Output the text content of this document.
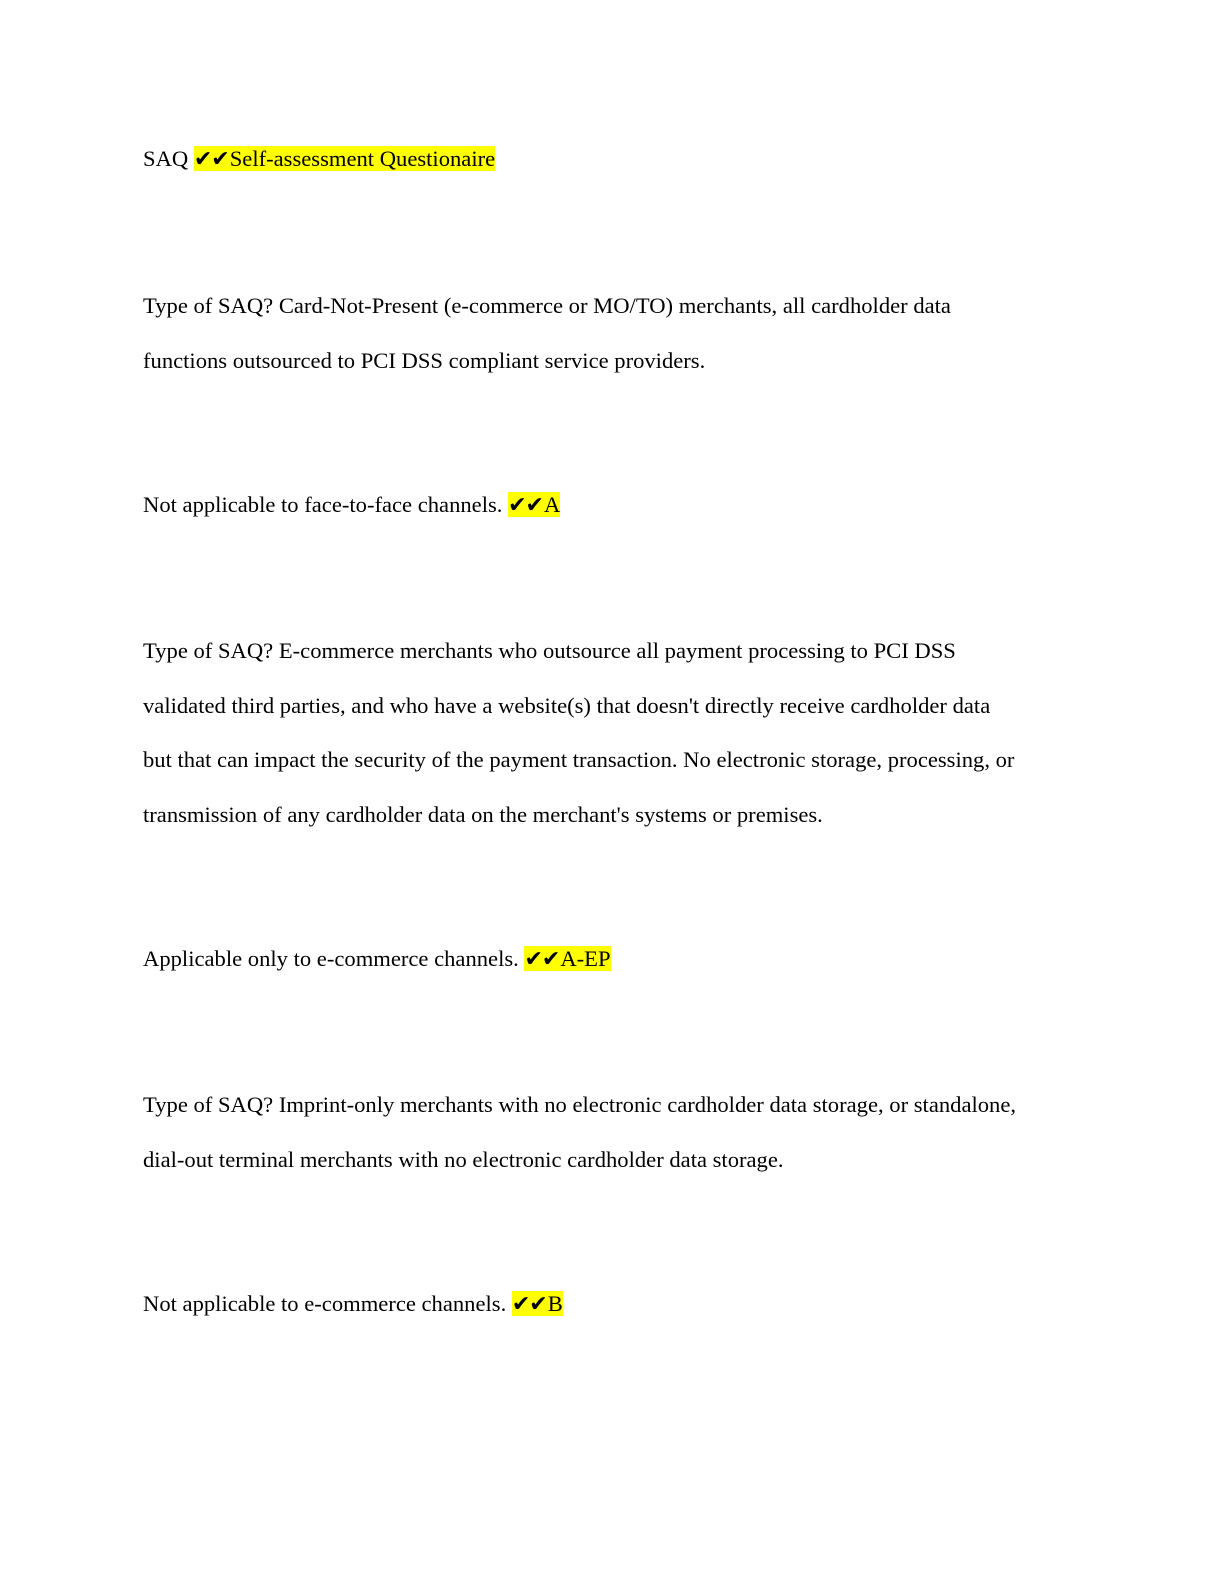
SAQ ✔✔Self-assessment Questionaire

Type of SAQ? Card-Not-Present (e-commerce or MO/TO) merchants, all cardholder data
functions outsourced to PCI DSS compliant service providers.

Not applicable to face-to-face channels. ✔✔A

Type of SAQ? E-commerce merchants who outsource all payment processing to PCI DSS
validated third parties, and who have a website(s) that doesn't directly receive cardholder data
but that can impact the security of the payment transaction. No electronic storage, processing, or
transmission of any cardholder data on the merchant's systems or premises.

Applicable only to e-commerce channels. ✔✔A-EP

Type of SAQ? Imprint-only merchants with no electronic cardholder data storage, or standalone,
dial-out terminal merchants with no electronic cardholder data storage.

Not applicable to e-commerce channels. ✔✔B
